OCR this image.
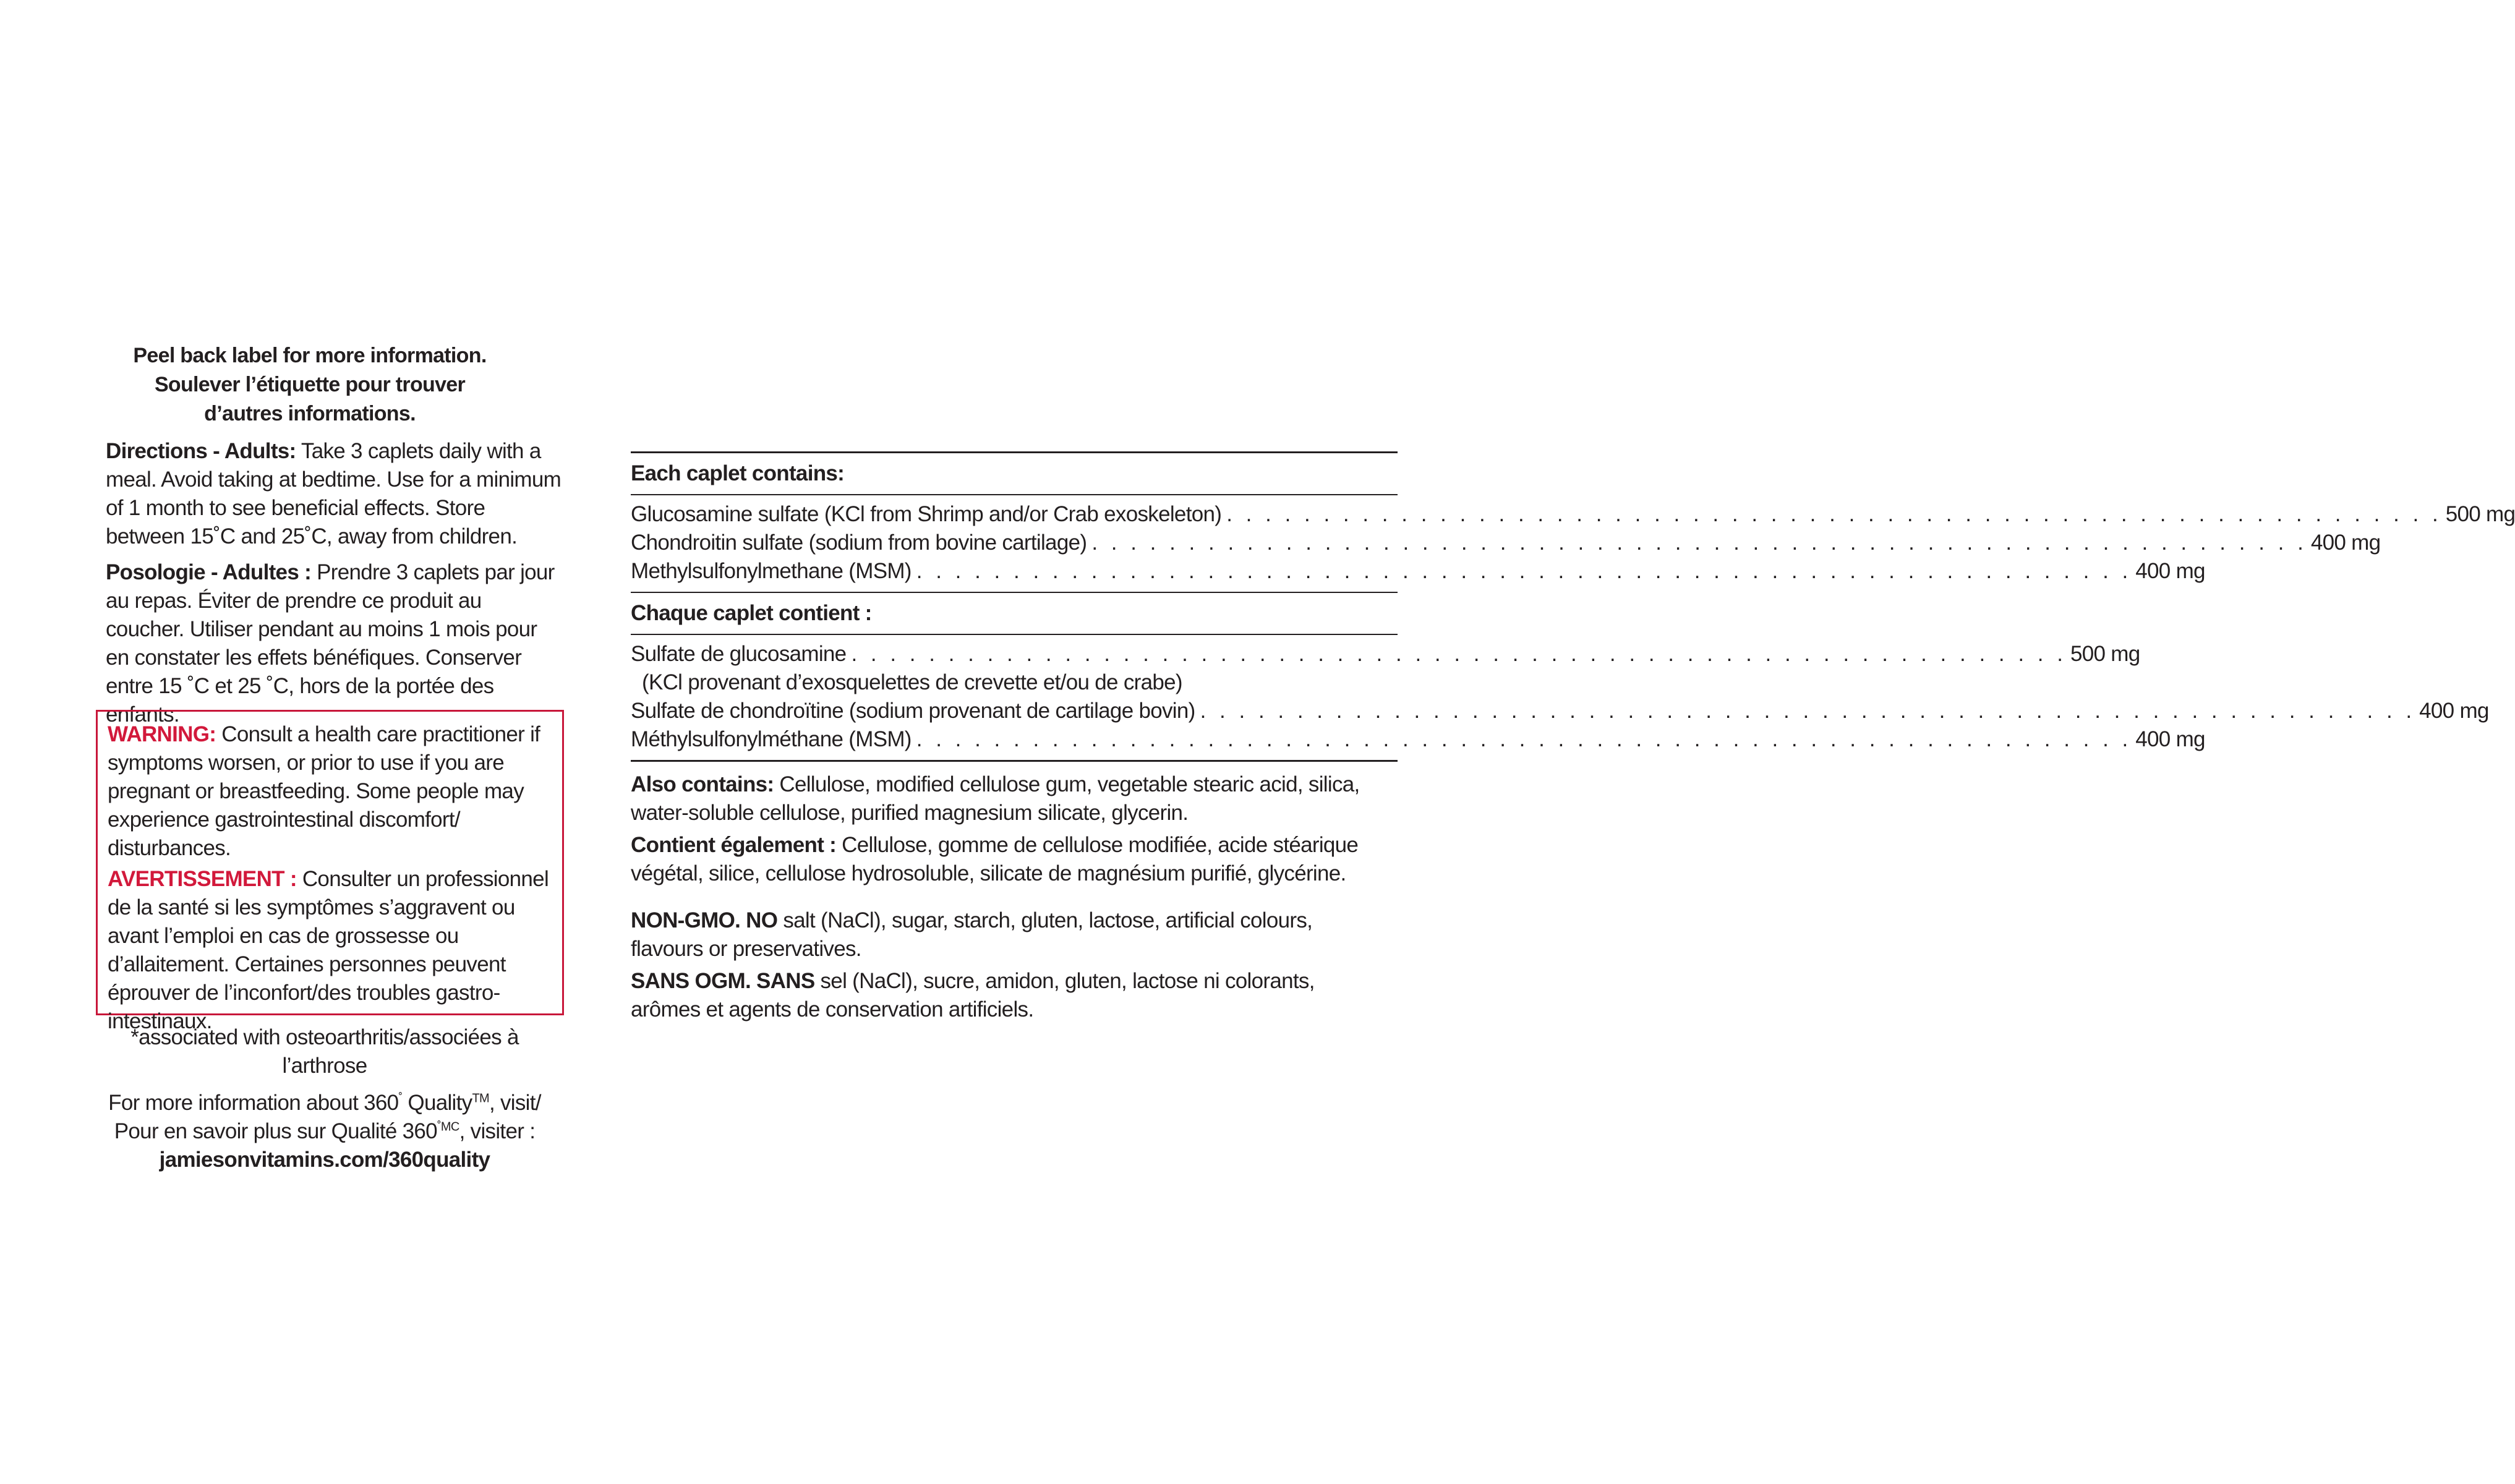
Peel back label for more information.
Soulever l’étiquette pour trouver
d’autres informations.

Directions - Adults: Take 3 caplets daily with a meal. Avoid taking at bedtime. Use for a minimum of 1 month to see beneficial effects. Store between 15˚C and 25˚C, away from children.

Posologie - Adultes : Prendre 3 caplets par jour au repas. Éviter de prendre ce produit au coucher. Utiliser pendant au moins 1 mois pour en constater les effets bénéfiques. Conserver entre 15 ˚C et 25 ˚C, hors de la portée des enfants.

WARNING: Consult a health care practitioner if symptoms worsen, or prior to use if you are pregnant or breastfeeding. Some people may experience gastrointestinal discomfort/ disturbances.

AVERTISSEMENT : Consulter un professionnel de la santé si les symptômes s’aggravent ou avant l’emploi en cas de grossesse ou d’allaitement. Certaines personnes peuvent éprouver de l’inconfort/des troubles gastro-intestinaux.

*associated with osteoarthritis/associées à l’arthrose

For more information about 360˚ Quality™, visit/

Pour en savoir plus sur Qualité $360^{˚MC}$, visiter :

jamiesonvitamins.com/360quality

Each caplet contains:
Glucosamine sulfate (KCl from Shrimp and/or Crab exoskeleton) . . . . . . . . . . . . . . . . . . . . . . . . . . . . . . . . . . . . . . . . . . . . . . . . . . . . . . . . . . . . . . . 500 mg
Chondroitin sulfate (sodium from bovine cartilage) . . . . . . . . . . . . . . . . . . . . . . . . . . . . . . . . . . . . . . . . . . . . . . . . . . . . . . . . . . . . . . . 400 mg
Methylsulfonylmethane (MSM) . . . . . . . . . . . . . . . . . . . . . . . . . . . . . . . . . . . . . . . . . . . . . . . . . . . . . . . . . . . . . . . 400 mg
Chaque caplet contient :
Sulfate de glucosamine . . . . . . . . . . . . . . . . . . . . . . . . . . . . . . . . . . . . . . . . . . . . . . . . . . . . . . . . . . . . . . . 500 mg
(KCl provenant d’exosquelettes de crevette et/ou de crabe)
Sulfate de chondroïtine (sodium provenant de cartilage bovin) . . . . . . . . . . . . . . . . . . . . . . . . . . . . . . . . . . . . . . . . . . . . . . . . . . . . . . . . . . . . . . . 400 mg
Méthylsulfonylméthane (MSM) . . . . . . . . . . . . . . . . . . . . . . . . . . . . . . . . . . . . . . . . . . . . . . . . . . . . . . . . . . . . . . . 400 mg

Also contains: Cellulose, modified cellulose gum, vegetable stearic acid, silica, water-soluble cellulose, purified magnesium silicate, glycerin.

Contient également : Cellulose, gomme de cellulose modifiée, acide stéarique végétal, silice, cellulose hydrosoluble, silicate de magnésium purifié, glycérine.

NON-GMO. NO salt (NaCl), sugar, starch, gluten, lactose, artificial colours, flavours or preservatives.

SANS OGM. SANS sel (NaCl), sucre, amidon, gluten, lactose ni colorants, arômes et agents de conservation artificiels.
